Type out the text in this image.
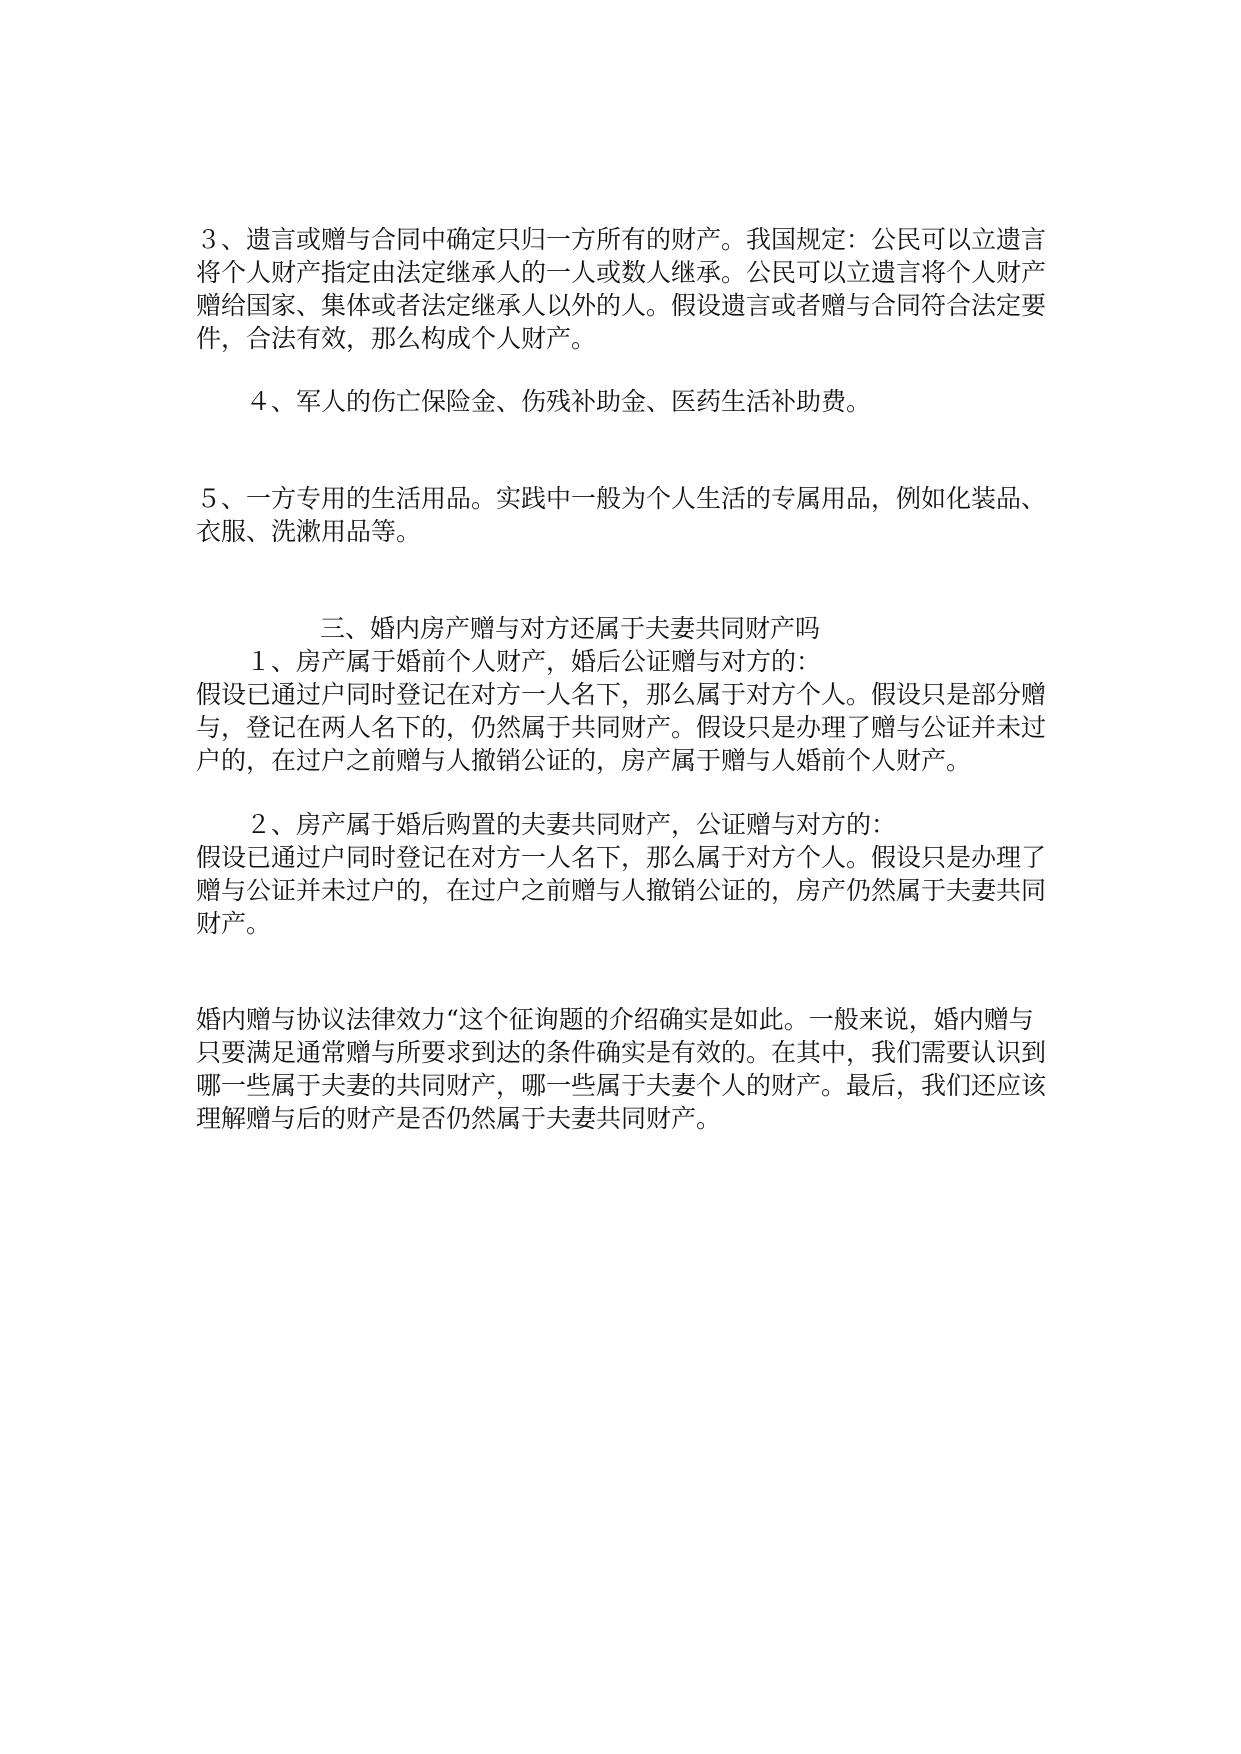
３、遗言或赠与合同中确定只归一方所有的财产。我国规定：公民可以立遗言

将个人财产指定由法定继承人的一人或数人继承。公民可以立遗言将个人财产

赠给国家、集体或者法定继承人以外的人。假设遗言或者赠与合同符合法定要

件，合法有效，那么构成个人财产。

４、军人的伤亡保险金、伤残补助金、医药生活补助费。

５、一方专用的生活用品。实践中一般为个人生活的专属用品，例如化装品、

衣服、洗漱用品等。

三、婚内房产赠与对方还属于夫妻共同财产吗

１、房产属于婚前个人财产，婚后公证赠与对方的：

假设已通过户同时登记在对方一人名下，那么属于对方个人。假设只是部分赠

与，登记在两人名下的，仍然属于共同财产。假设只是办理了赠与公证并未过

户的，在过户之前赠与人撤销公证的，房产属于赠与人婚前个人财产。

２、房产属于婚后购置的夫妻共同财产，公证赠与对方的：

假设已通过户同时登记在对方一人名下，那么属于对方个人。假设只是办理了

赠与公证并未过户的，在过户之前赠与人撤销公证的，房产仍然属于夫妻共同

财产。

婚内赠与协议法律效力“这个征询题的介绍确实是如此。一般来说，婚内赠与

只要满足通常赠与所要求到达的条件确实是有效的。在其中，我们需要认识到

哪一些属于夫妻的共同财产，哪一些属于夫妻个人的财产。最后，我们还应该

理解赠与后的财产是否仍然属于夫妻共同财产。
